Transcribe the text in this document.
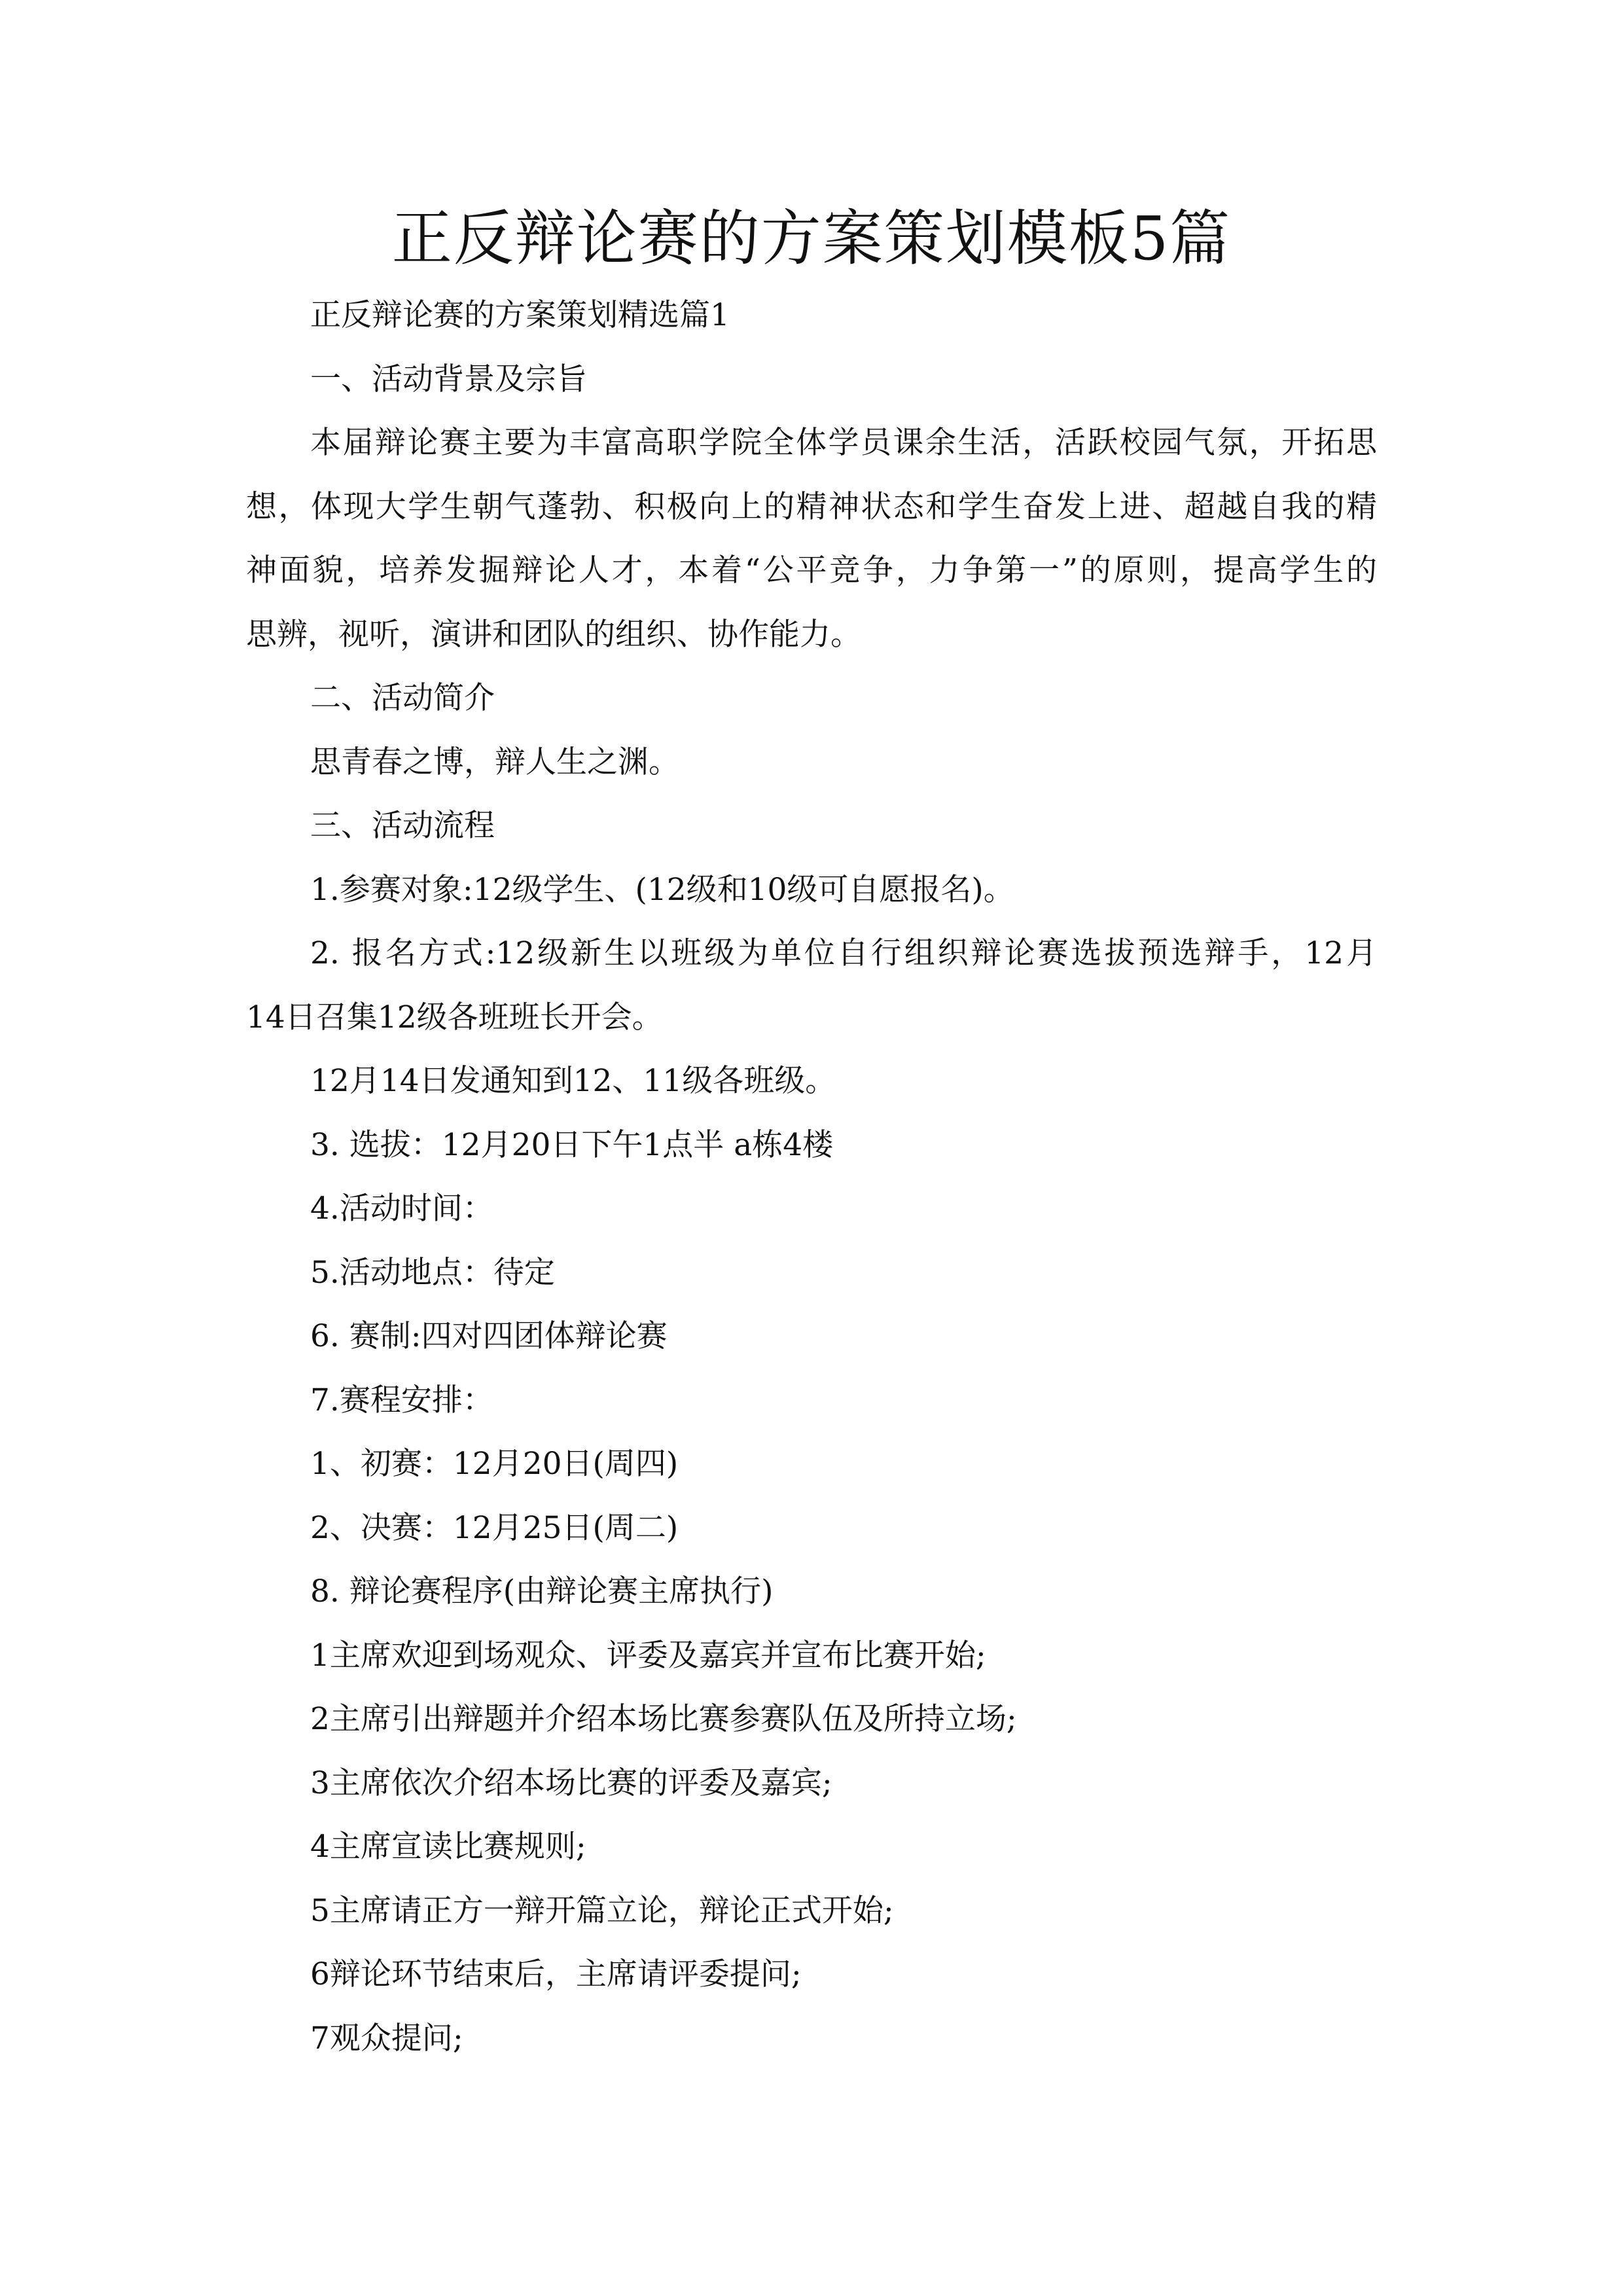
正反辩论赛的方案策划模板5篇
正反辩论赛的方案策划精选篇1
一、活动背景及宗旨
本届辩论赛主要为丰富高职学院全体学员课余生活，活跃校园气氛，开拓思
想，体现大学生朝气蓬勃、积极向上的精神状态和学生奋发上进、超越自我的精
神面貌，培养发掘辩论人才，本着“公平竞争，力争第一”的原则，提高学生的
思辨，视听，演讲和团队的组织、协作能力。
二、活动简介
思青春之博，辩人生之渊。
三、活动流程
1.参赛对象:12级学生、(12级和10级可自愿报名)。
2. 报名方式:12级新生以班级为单位自行组织辩论赛选拔预选辩手，12月
14日召集12级各班班长开会。
12月14日发通知到12、11级各班级。
3. 选拔：12月20日下午1点半 a栋4楼
4.活动时间：
5.活动地点：待定
6. 赛制:四对四团体辩论赛
7.赛程安排：
1、初赛：12月20日(周四)
2、决赛：12月25日(周二)
8. 辩论赛程序(由辩论赛主席执行)
1主席欢迎到场观众、评委及嘉宾并宣布比赛开始;
2主席引出辩题并介绍本场比赛参赛队伍及所持立场;
3主席依次介绍本场比赛的评委及嘉宾;
4主席宣读比赛规则;
5主席请正方一辩开篇立论，辩论正式开始;
6辩论环节结束后，主席请评委提问;
7观众提问;
